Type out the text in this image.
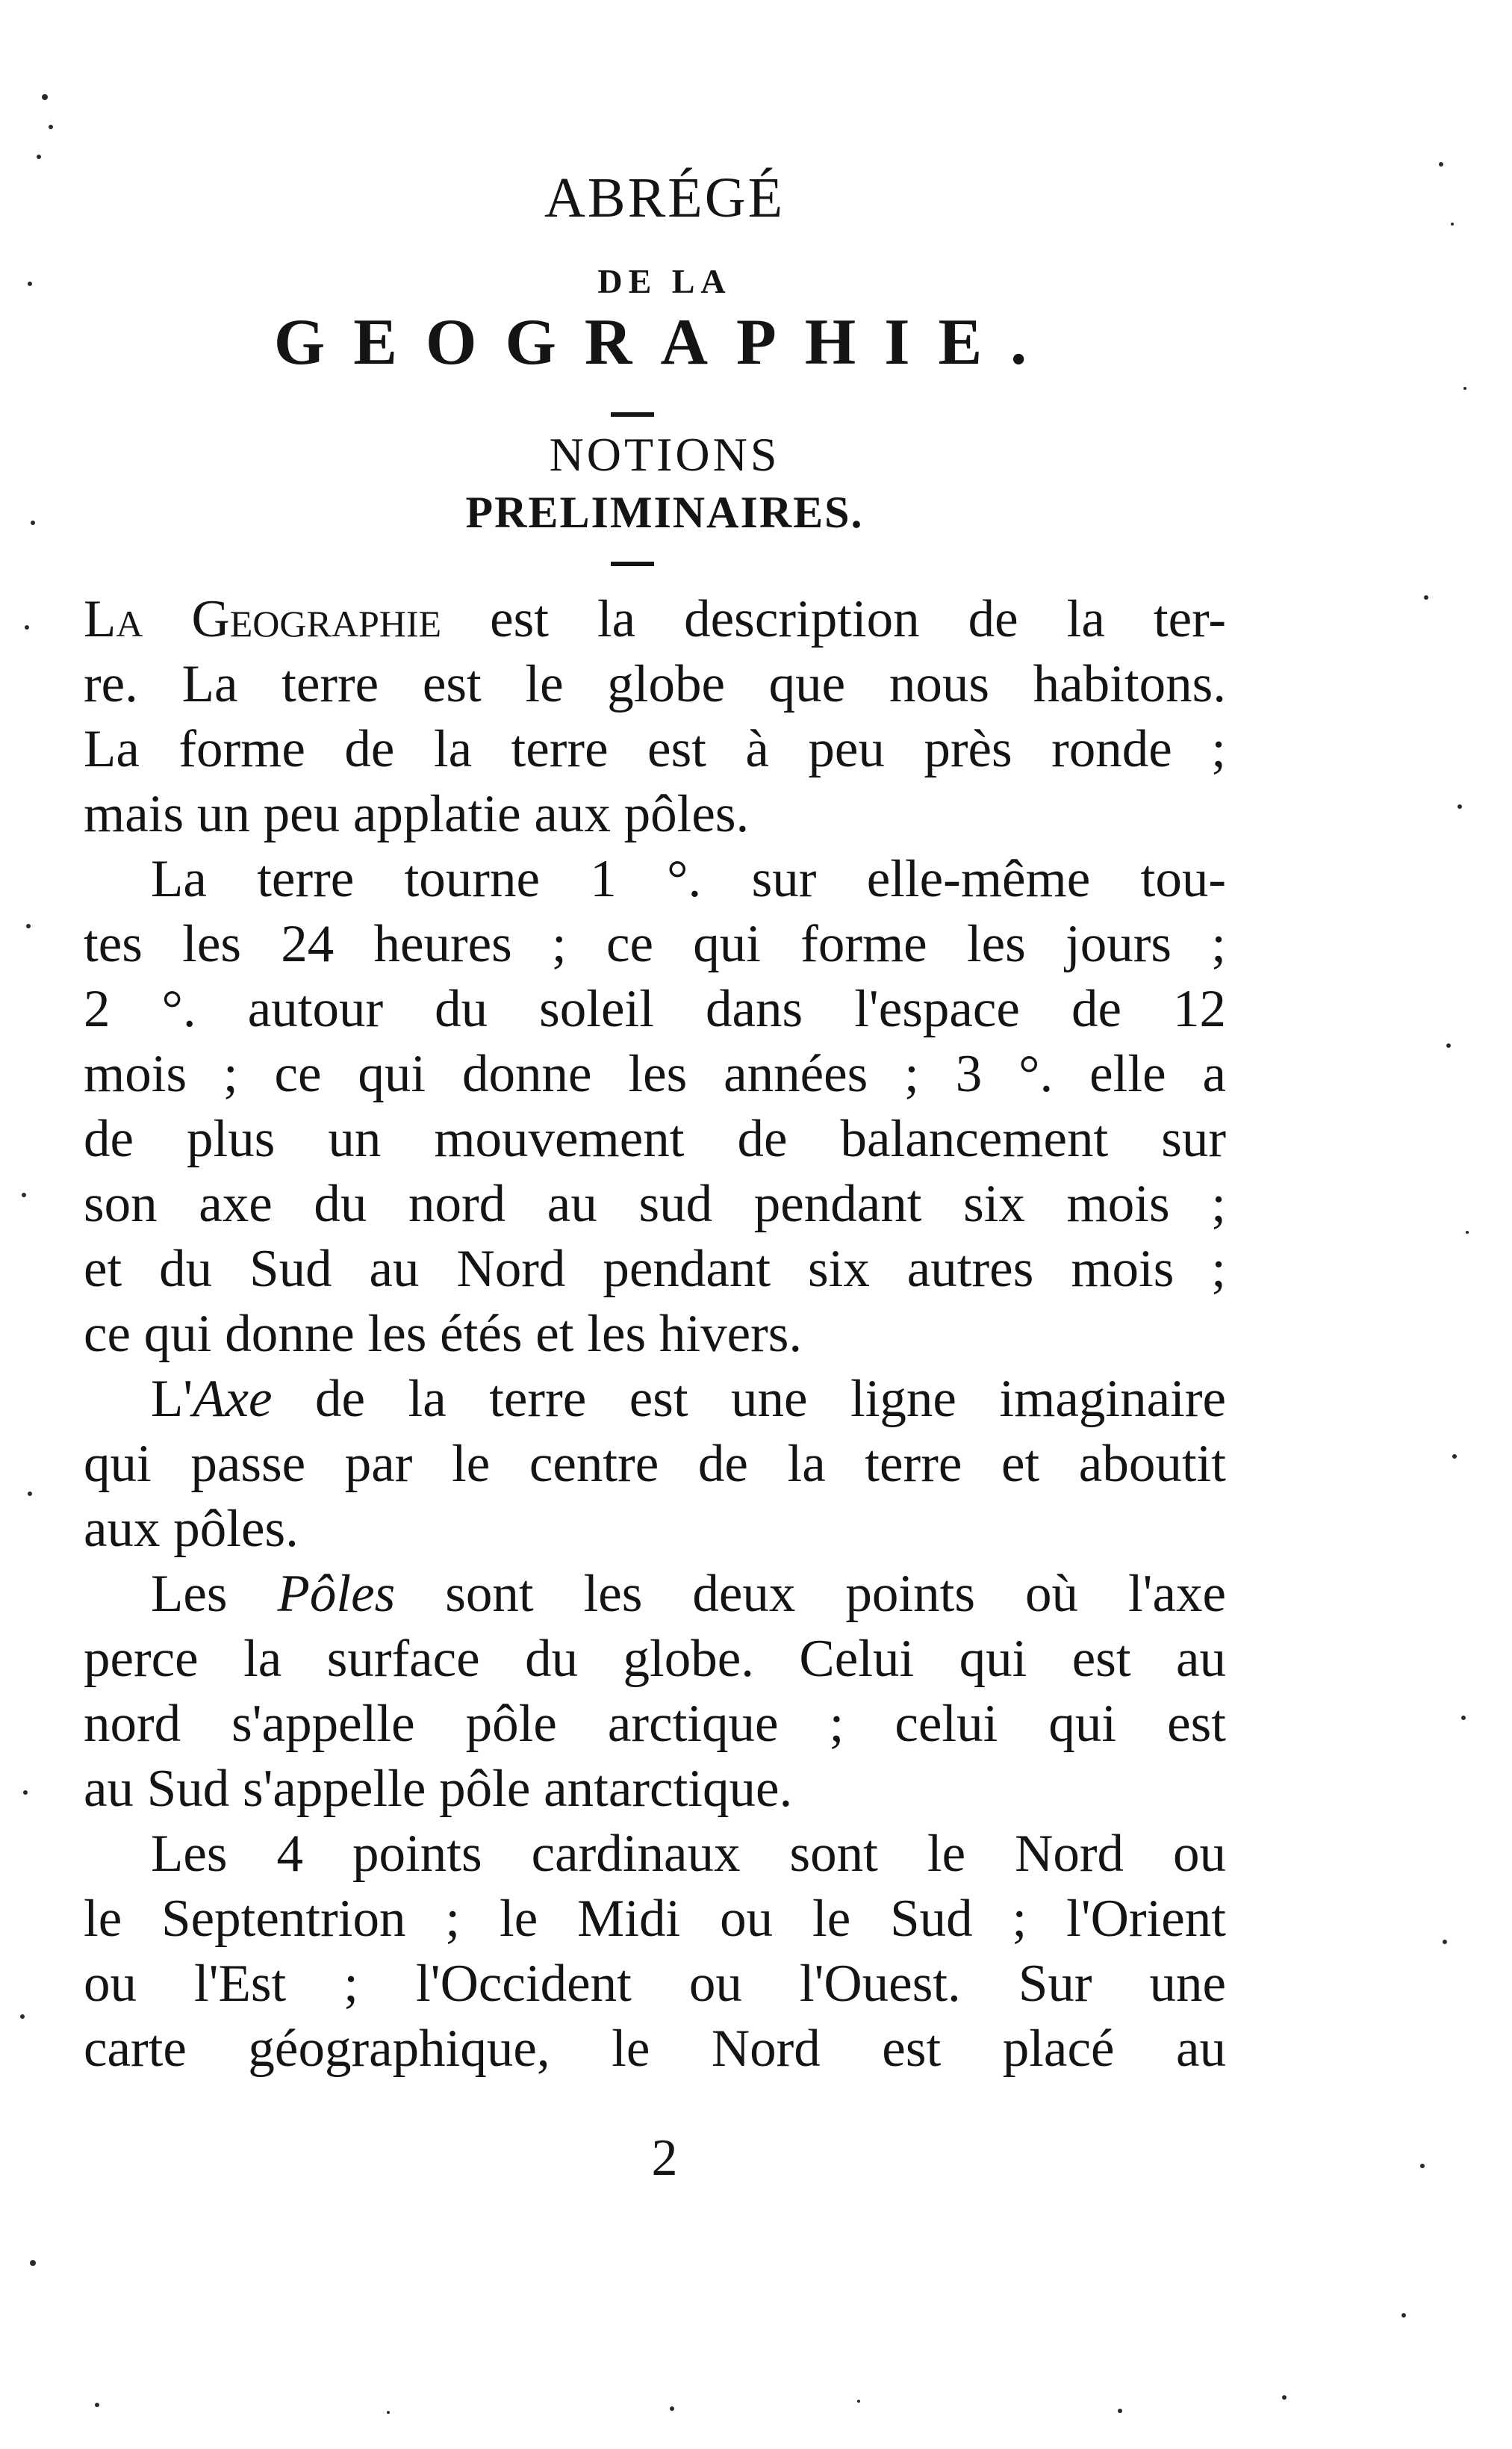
ABRÉGÉ
DE LA
GEOGRAPHIE.
NOTIONS
PRELIMINAIRES.
La Geographie est la description de la ter-
re. La terre est le globe que nous habitons.
La forme de la terre est à peu près ronde ;
mais un peu applatie aux pôles.
La terre tourne 1 °. sur elle-même tou-
tes les 24 heures ; ce qui forme les jours ;
2 °. autour du soleil dans l'espace de 12
mois ; ce qui donne les années ; 3 °. elle a
de plus un mouvement de balancement sur
son axe du nord au sud pendant six mois ;
et du Sud au Nord pendant six autres mois ;
ce qui donne les étés et les hivers.
L'Axe de la terre est une ligne imaginaire
qui passe par le centre de la terre et aboutit
aux pôles.
Les Pôles sont les deux points où l'axe
perce la surface du globe. Celui qui est au
nord s'appelle pôle arctique ; celui qui est
au Sud s'appelle pôle antarctique.
Les 4 points cardinaux sont le Nord ou
le Septentrion ; le Midi ou le Sud ; l'Orient
ou l'Est ; l'Occident ou l'Ouest. Sur une
carte géographique, le Nord est placé au
2
